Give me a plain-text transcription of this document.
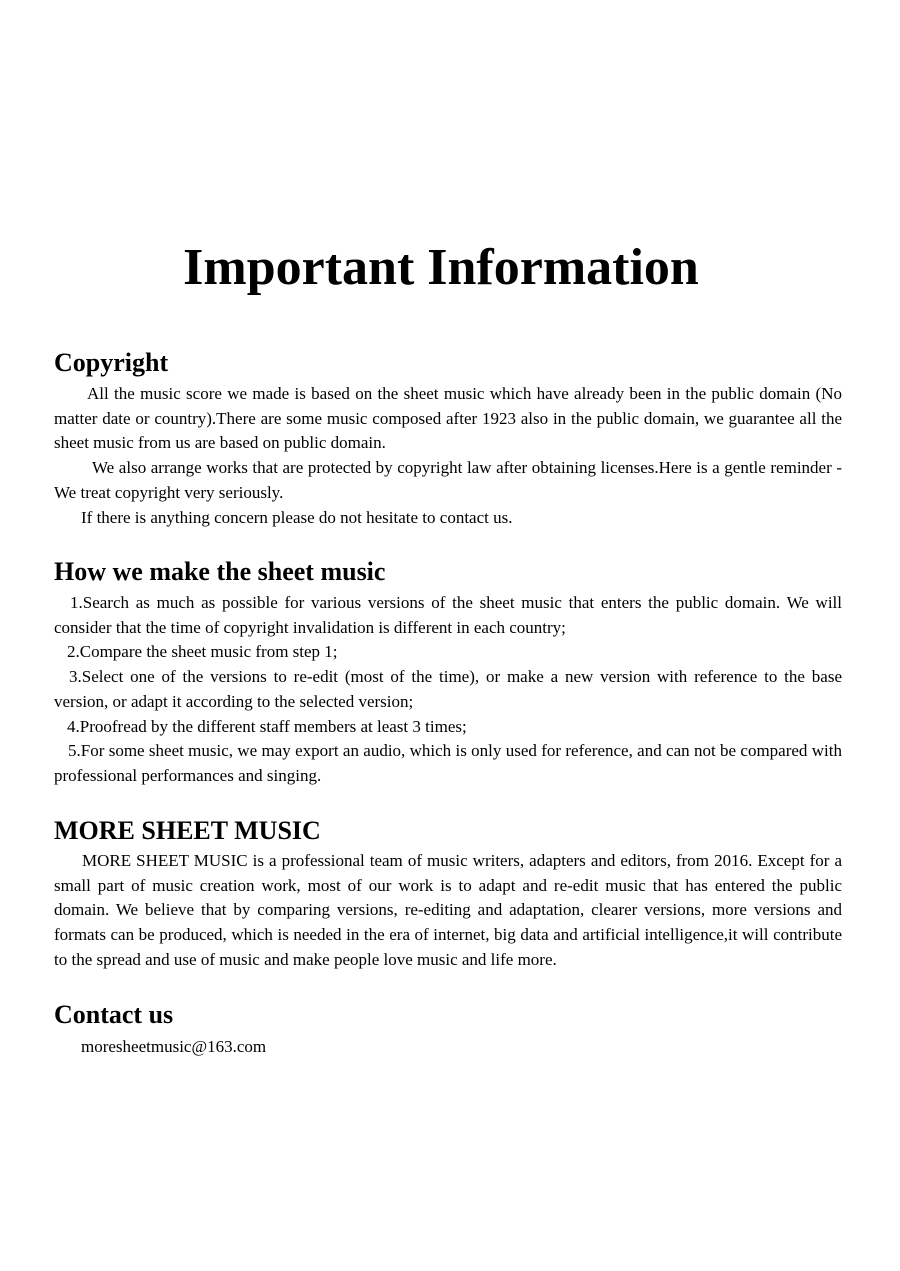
Important Information
Copyright

All the music score we made is based on the sheet music which have already been in the public domain (No matter date or country).There are some music composed after 1923 also in the public domain, we guarantee all the sheet music from us are based on public domain.

We also arrange works that are protected by copyright law after obtaining licenses.Here is a gentle reminder - We treat copyright very seriously.

If there is anything concern please do not hesitate to contact us.

How we make the sheet music

1.Search as much as possible for various versions of the sheet music that enters the public domain. We will consider that the time of copyright invalidation is different in each country;

2.Compare the sheet music from step 1;

3.Select one of the versions to re-edit (most of the time), or make a new version with reference to the base version, or adapt it according to the selected version;

4.Proofread by the different staff members at least 3 times;

5.For some sheet music, we may export an audio, which is only used for reference, and can not be compared with professional performances and singing.

MORE SHEET MUSIC

MORE SHEET MUSIC is a professional team of music writers, adapters and editors, from 2016. Except for a small part of music creation work, most of our work is to adapt and re-edit music that has entered the public domain. We believe that by comparing versions, re-editing and adaptation, clearer versions, more versions and formats can be produced, which is needed in the era of internet, big data and artificial intelligence,it will contribute to the spread and use of music and make people love music and life more.

Contact us

moresheetmusic@163.com
